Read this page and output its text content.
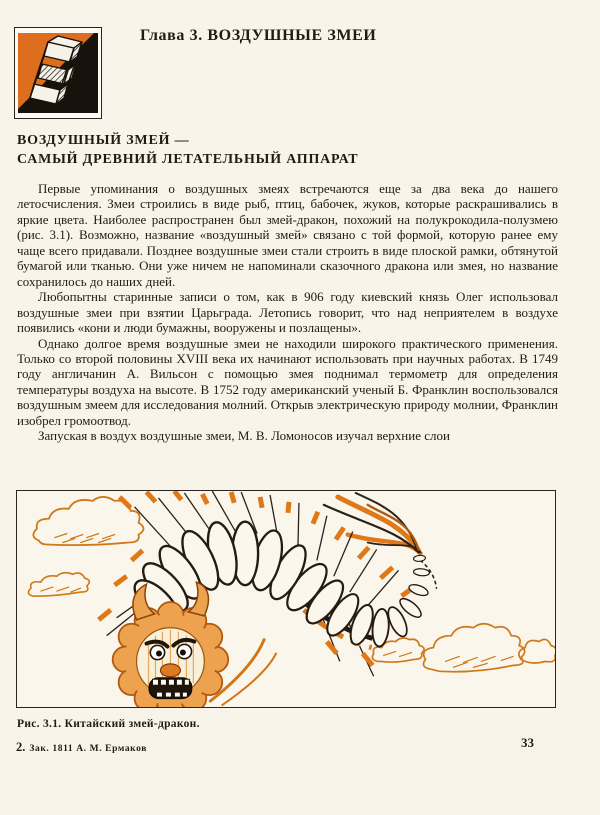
Глава 3. ВОЗДУШНЫЕ ЗМЕИ
ВОЗДУШНЫЙ ЗМЕЙ —
САМЫЙ ДРЕВНИЙ ЛЕТАТЕЛЬНЫЙ АППАРАТ

Первые упоминания о воздушных змеях встречаются еще за два века до нашего летосчисления. Змеи строились в виде рыб, птиц, бабочек, жуков, которые раскрашивались в яркие цвета. Наиболее распространен был змей-дракон, похожий на полукрокодила-полузмею (рис. 3.1). Возможно, название «воздушный змей» связано с той формой, которую ранее ему чаще всего придавали. Позднее воздушные змеи стали строить в виде плоской рамки, обтянутой бумагой или тканью. Они уже ничем не напоминали сказочного дракона или змея, но название сохранилось до наших дней.

Любопытны старинные записи о том, как в 906 году киевский князь Олег использовал воздушные змеи при взятии Царьграда. Летопись говорит, что над неприятелем в воздухе появились «кони и люди бумажны, вооружены и позлащены».

Однако долгое время воздушные змеи не находили широкого практического применения. Только со второй половины XVIII века их начинают использовать при научных работах. В 1749 году англичанин А. Вильсон с помощью змея поднимал термометр для определения температуры воздуха на высоте. В 1752 году американский ученый Б. Франклин воспользовался воздушным змеем для исследования молний. Открыв электрическую природу молнии, Франклин изобрел громоотвод.

Запуская в воздух воздушные змеи, М. В. Ломоносов изучал верхние слои

Рис. 3.1. Китайский змей-дракон.
2. Зак. 1811 А. М. Ермаков	33
